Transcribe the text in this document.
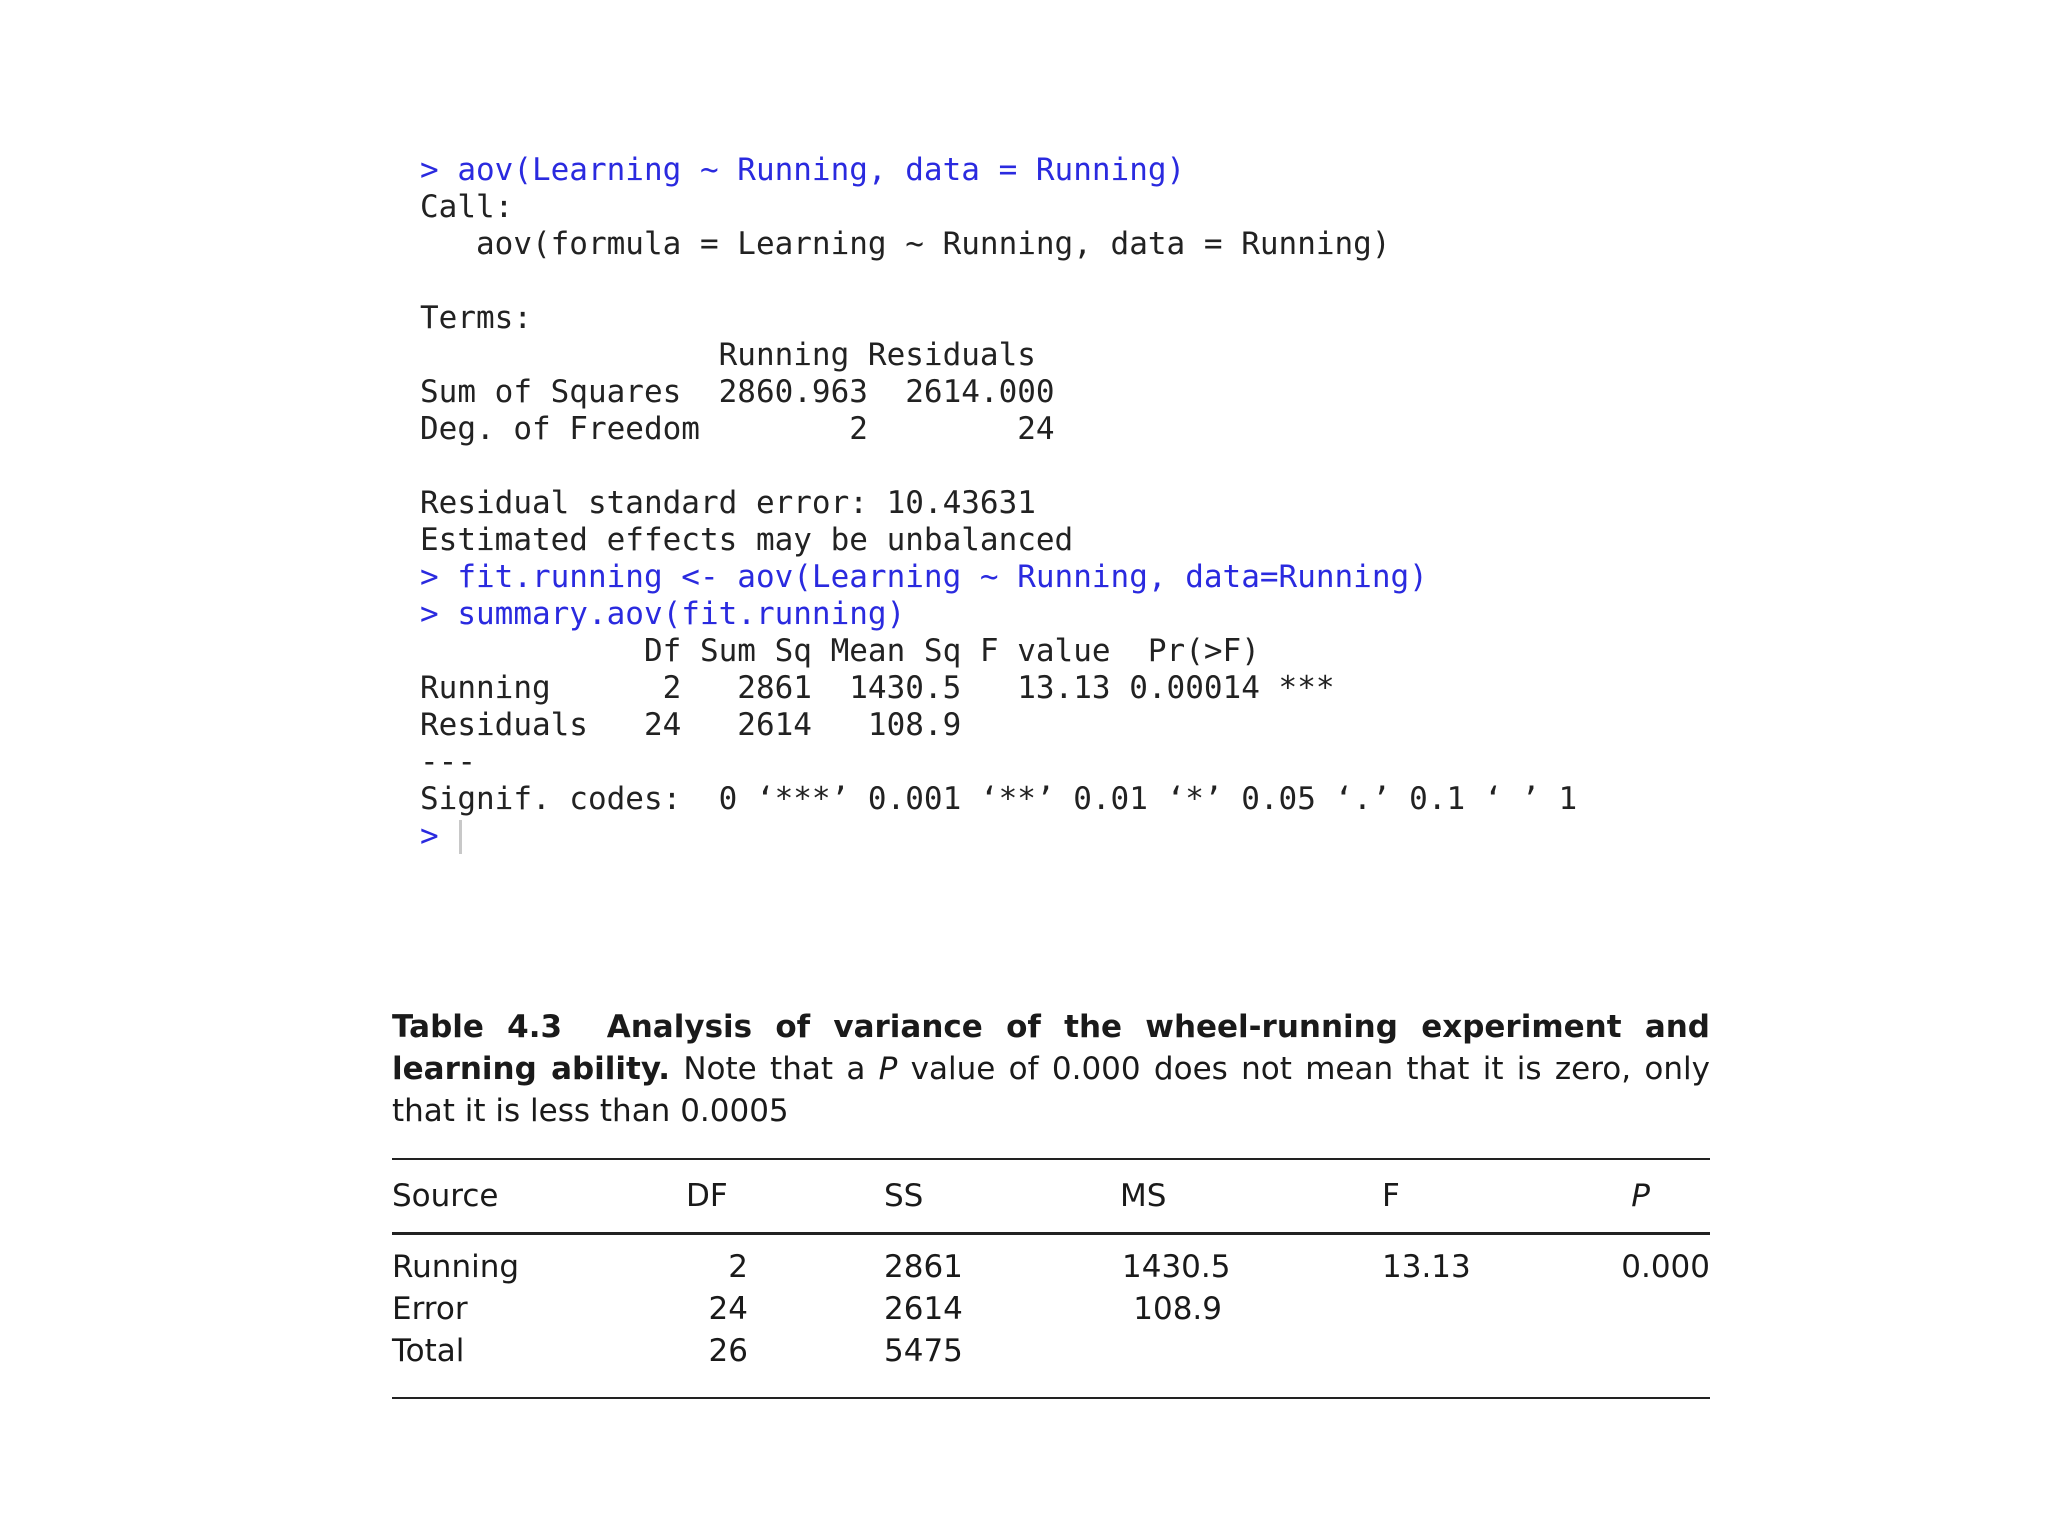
> aov(Learning ~ Running, data = Running)
Call:
aov(formula = Learning ~ Running, data = Running)
Terms:
Running Residuals
Sum of Squares  2860.963  2614.000
Deg. of Freedom        2        24
Residual standard error: 10.43631
Estimated effects may be unbalanced
> fit.running <- aov(Learning ~ Running, data=Running)
> summary.aov(fit.running)
Df Sum Sq Mean Sq F value  Pr(>F)
Running      2   2861  1430.5   13.13 0.00014 ***
Residuals   24   2614   108.9
---
Signif. codes:  0 ‘***’ 0.001 ‘**’ 0.01 ‘*’ 0.05 ‘.’ 0.1 ‘ ’ 1
>
Table 4.3 Analysis of variance of the wheel-running experiment and learning ability. Note that a P value of 0.000 does not mean that it is zero, only that it is less than 0.0005
Source	DF	SS	MS	F	P
Running	2	2861	1430.5	13.13	0.000
Error	24	2614	108.9
Total	26	5475
